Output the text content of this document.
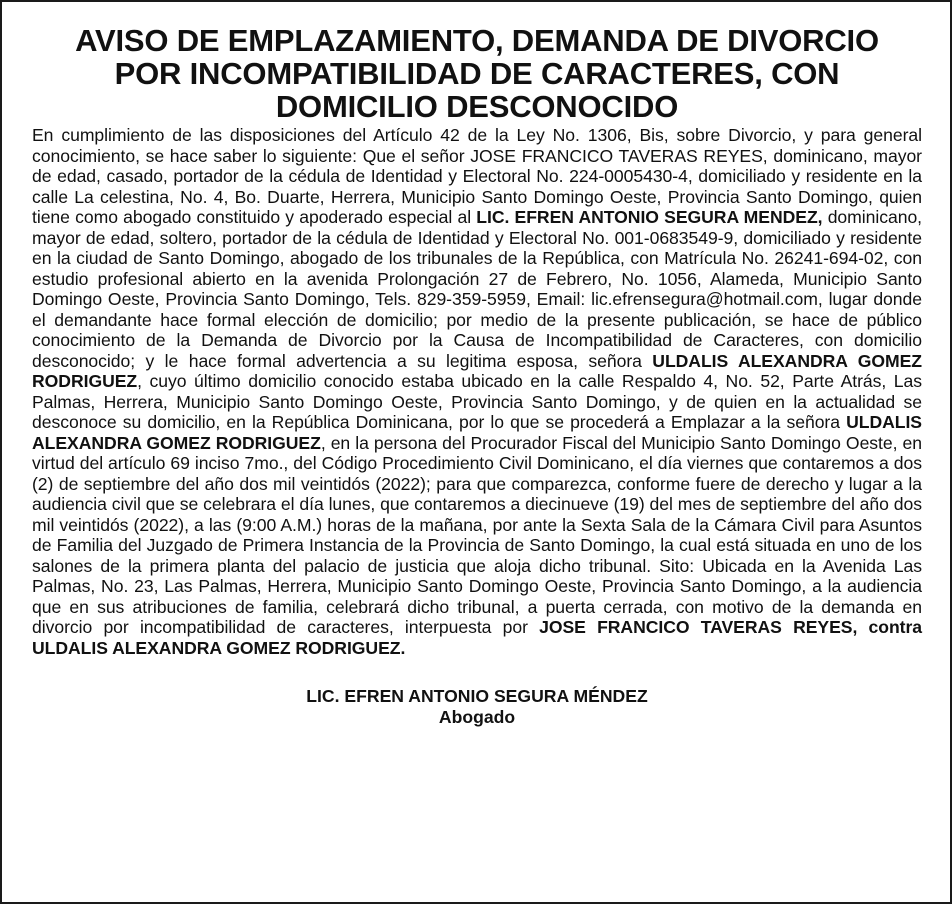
AVISO DE EMPLAZAMIENTO, DEMANDA DE DIVORCIO
POR INCOMPATIBILIDAD DE CARACTERES, CON
DOMICILIO DESCONOCIDO

En cumplimiento de las disposiciones del Artículo 42 de la Ley No. 1306, Bis, sobre Divorcio, y para general conocimiento, se hace saber lo siguiente: Que el señor JOSE FRANCICO TAVERAS REYES, dominicano, mayor de edad, casado, portador de la cédula de Identidad y Electoral No. 224-0005430-4, domiciliado y residente en la calle La celestina, No. 4, Bo. Duarte, Herrera, Municipio Santo Domingo Oeste, Provincia Santo Domingo, quien tiene como abogado constituido y apoderado especial al LIC. EFREN ANTONIO SEGURA MENDEZ, dominicano, mayor de edad, soltero, portador de la cédula de Identidad y Electoral No. 001-0683549-9, domiciliado y residente en la ciudad de Santo Domingo, abogado de los tribunales de la República, con Matrícula No. 26241-694-02, con estudio profesional abierto en la avenida Prolongación 27 de Febrero, No. 1056, Alameda, Municipio Santo Domingo Oeste, Provincia Santo Domingo, Tels. 829-359-5959, Email: lic.efrensegura@hotmail.com, lugar donde el demandante hace formal elección de domicilio; por medio de la presente publicación, se hace de público conocimiento de la Demanda de Divorcio por la Causa de Incompatibilidad de Caracteres, con domicilio desconocido; y le hace formal advertencia a su legitima esposa, señora ULDALIS ALEXANDRA GOMEZ RODRIGUEZ, cuyo último domicilio conocido estaba ubicado en la calle Respaldo 4, No. 52, Parte Atrás, Las Palmas, Herrera, Municipio Santo Domingo Oeste, Provincia Santo Domingo, y de quien en la actualidad se desconoce su domicilio, en la República Dominicana, por lo que se procederá a Emplazar a la señora ULDALIS ALEXANDRA GOMEZ RODRIGUEZ, en la persona del Procurador Fiscal del Municipio Santo Domingo Oeste, en virtud del artículo 69 inciso 7mo., del Código Procedimiento Civil Dominicano, el día viernes que contaremos a dos (2) de septiembre del año dos mil veintidós (2022); para que comparezca, conforme fuere de derecho y lugar a la audiencia civil que se celebrara el día lunes, que contaremos a diecinueve (19) del mes de septiembre del año dos mil veintidós (2022), a las (9:00 A.M.) horas de la mañana, por ante la Sexta Sala de la Cámara Civil para Asuntos de Familia del Juzgado de Primera Instancia de la Provincia de Santo Domingo, la cual está situada en uno de los salones de la primera planta del palacio de justicia que aloja dicho tribunal. Sito: Ubicada en la Avenida Las Palmas, No. 23, Las Palmas, Herrera, Municipio Santo Domingo Oeste, Provincia Santo Domingo, a la audiencia que en sus atribuciones de familia, celebrará dicho tribunal, a puerta cerrada, con motivo de la demanda en divorcio por incompatibilidad de caracteres, interpuesta por JOSE FRANCICO TAVERAS REYES, contra ULDALIS ALEXANDRA GOMEZ RODRIGUEZ.

LIC. EFREN ANTONIO SEGURA MÉNDEZ
Abogado
